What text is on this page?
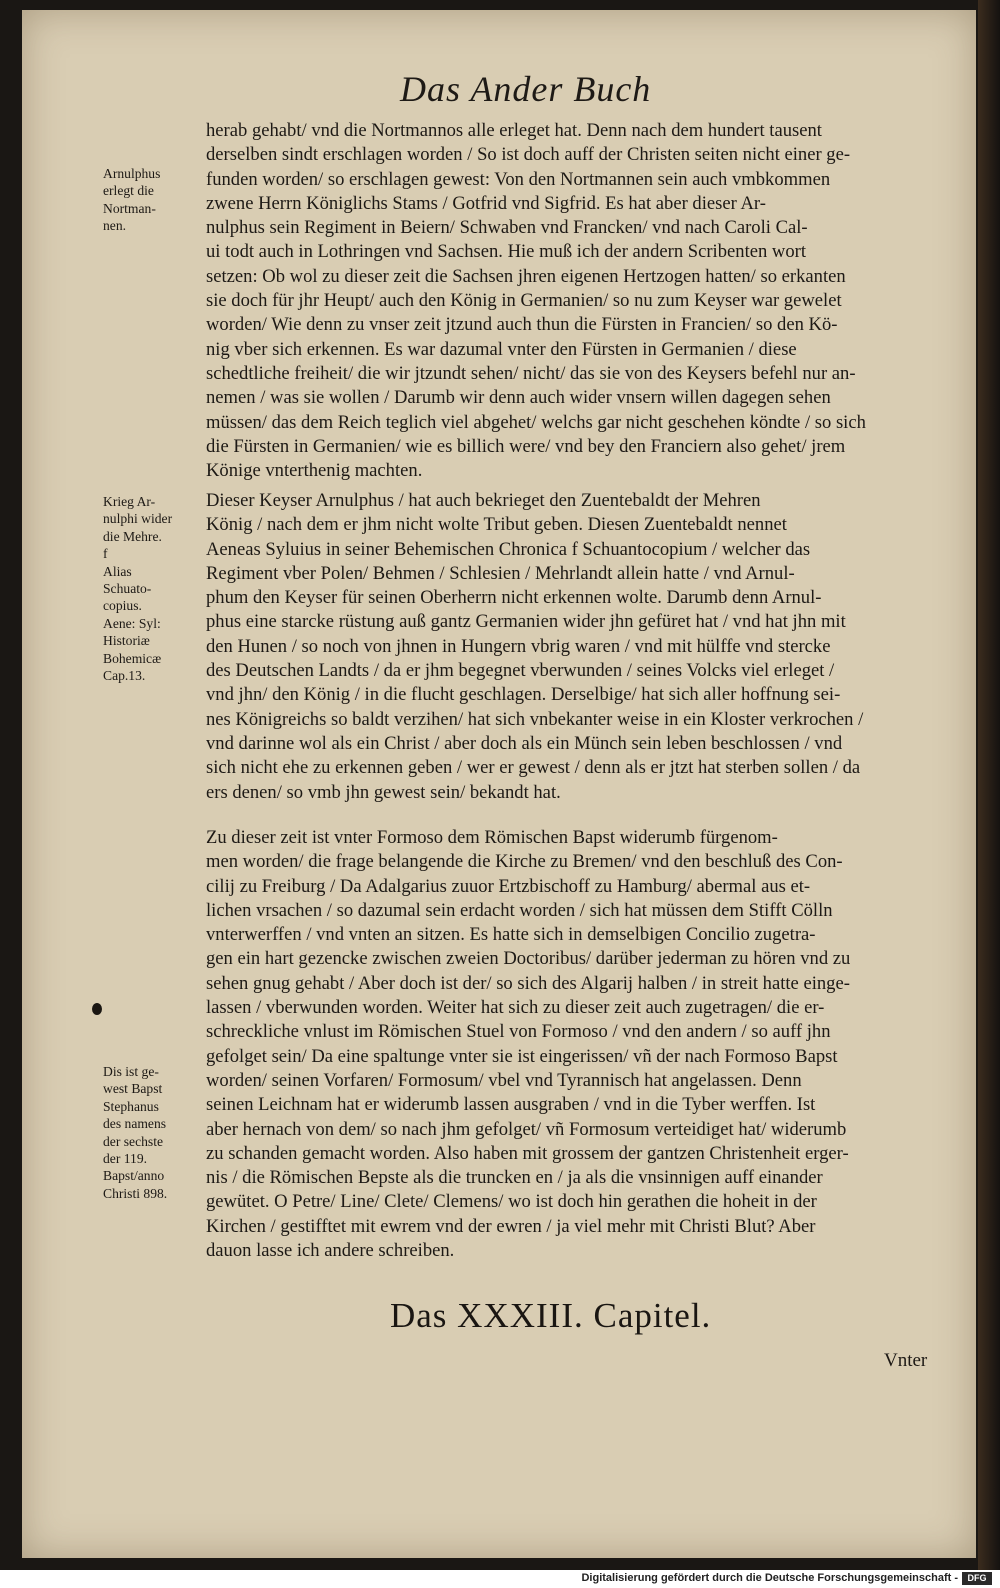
Das Ander Buch
Arnulphus
erlegt die
Nortman-
nen.
Krieg Ar-
nulphi wider
die Mehre.
f
Alias
Schuato-
copius.
Aene: Syl:
Historiæ
Bohemicæ
Cap.13.
Dis ist ge-
west Bapst
Stephanus
des namens
der sechste
der 119.
Bapst/anno
Christi 898.
herab gehabt/ vnd die Nortmannos alle erleget hat. Denn nach dem hundert tausent
derselben sindt erschlagen worden / So ist doch auff der Christen seiten nicht einer ge-
funden worden/ so erschlagen gewest: Von den Nortmannen sein auch vmbkommen
zwene Herrn Königlichs Stams / Gotfrid vnd Sigfrid. Es hat aber dieser Ar-
nulphus sein Regiment in Beiern/ Schwaben vnd Francken/ vnd nach Caroli Cal-
ui todt auch in Lothringen vnd Sachsen. Hie muß ich der andern Scribenten wort
setzen: Ob wol zu dieser zeit die Sachsen jhren eigenen Hertzogen hatten/ so erkanten
sie doch für jhr Heupt/ auch den König in Germanien/ so nu zum Keyser war gewelet
worden/ Wie denn zu vnser zeit jtzund auch thun die Fürsten in Francien/ so den Kö-
nig vber sich erkennen. Es war dazumal vnter den Fürsten in Germanien / diese
schedtliche freiheit/ die wir jtzundt sehen/ nicht/ das sie von des Keysers befehl nur an-
nemen / was sie wollen / Darumb wir denn auch wider vnsern willen dagegen sehen
müssen/ das dem Reich teglich viel abgehet/ welchs gar nicht geschehen köndte / so sich
die Fürsten in Germanien/ wie es billich were/ vnd bey den Franciern also gehet/ jrem
Könige vnterthenig machten.
Dieser Keyser Arnulphus / hat auch bekrieget den Zuentebaldt der Mehren
König / nach dem er jhm nicht wolte Tribut geben. Diesen Zuentebaldt nennet
Aeneas Syluius in seiner Behemischen Chronica f Schuantocopium / welcher das
Regiment vber Polen/ Behmen / Schlesien / Mehrlandt allein hatte / vnd Arnul-
phum den Keyser für seinen Oberherrn nicht erkennen wolte. Darumb denn Arnul-
phus eine starcke rüstung auß gantz Germanien wider jhn gefüret hat / vnd hat jhn mit
den Hunen / so noch von jhnen in Hungern vbrig waren / vnd mit hülffe vnd stercke
des Deutschen Landts / da er jhm begegnet vberwunden / seines Volcks viel erleget /
vnd jhn/ den König / in die flucht geschlagen. Derselbige/ hat sich aller hoffnung sei-
nes Königreichs so baldt verzihen/ hat sich vnbekanter weise in ein Kloster verkrochen /
vnd darinne wol als ein Christ / aber doch als ein Münch sein leben beschlossen / vnd
sich nicht ehe zu erkennen geben / wer er gewest / denn als er jtzt hat sterben sollen / da
ers denen/ so vmb jhn gewest sein/ bekandt hat.
Zu dieser zeit ist vnter Formoso dem Römischen Bapst widerumb fürgenom-
men worden/ die frage belangende die Kirche zu Bremen/ vnd den beschluß des Con-
cilij zu Freiburg / Da Adalgarius zuuor Ertzbischoff zu Hamburg/ abermal aus et-
lichen vrsachen / so dazumal sein erdacht worden / sich hat müssen dem Stifft Cölln
vnterwerffen / vnd vnten an sitzen. Es hatte sich in demselbigen Concilio zugetra-
gen ein hart gezencke zwischen zweien Doctoribus/ darüber jederman zu hören vnd zu
sehen gnug gehabt / Aber doch ist der/ so sich des Algarij halben / in streit hatte einge-
lassen / vberwunden worden. Weiter hat sich zu dieser zeit auch zugetragen/ die er-
schreckliche vnlust im Römischen Stuel von Formoso / vnd den andern / so auff jhn
gefolget sein/ Da eine spaltunge vnter sie ist eingerissen/ vñ der nach Formoso Bapst
worden/ seinen Vorfaren/ Formosum/ vbel vnd Tyrannisch hat angelassen. Denn
seinen Leichnam hat er widerumb lassen ausgraben / vnd in die Tyber werffen. Ist
aber hernach von dem/ so nach jhm gefolget/ vñ Formosum verteidiget hat/ widerumb
zu schanden gemacht worden. Also haben mit grossem der gantzen Christenheit erger-
nis / die Römischen Bepste als die truncken en / ja als die vnsinnigen auff einander
gewütet. O Petre/ Line/ Clete/ Clemens/ wo ist doch hin gerathen die hoheit in der
Kirchen / gestifftet mit ewrem vnd der ewren / ja viel mehr mit Christi Blut? Aber
dauon lasse ich andere schreiben.
Das XXXIII. Capitel.
Vnter
Digitalisierung gefördert durch die Deutsche Forschungsgemeinschaft -	DFG
